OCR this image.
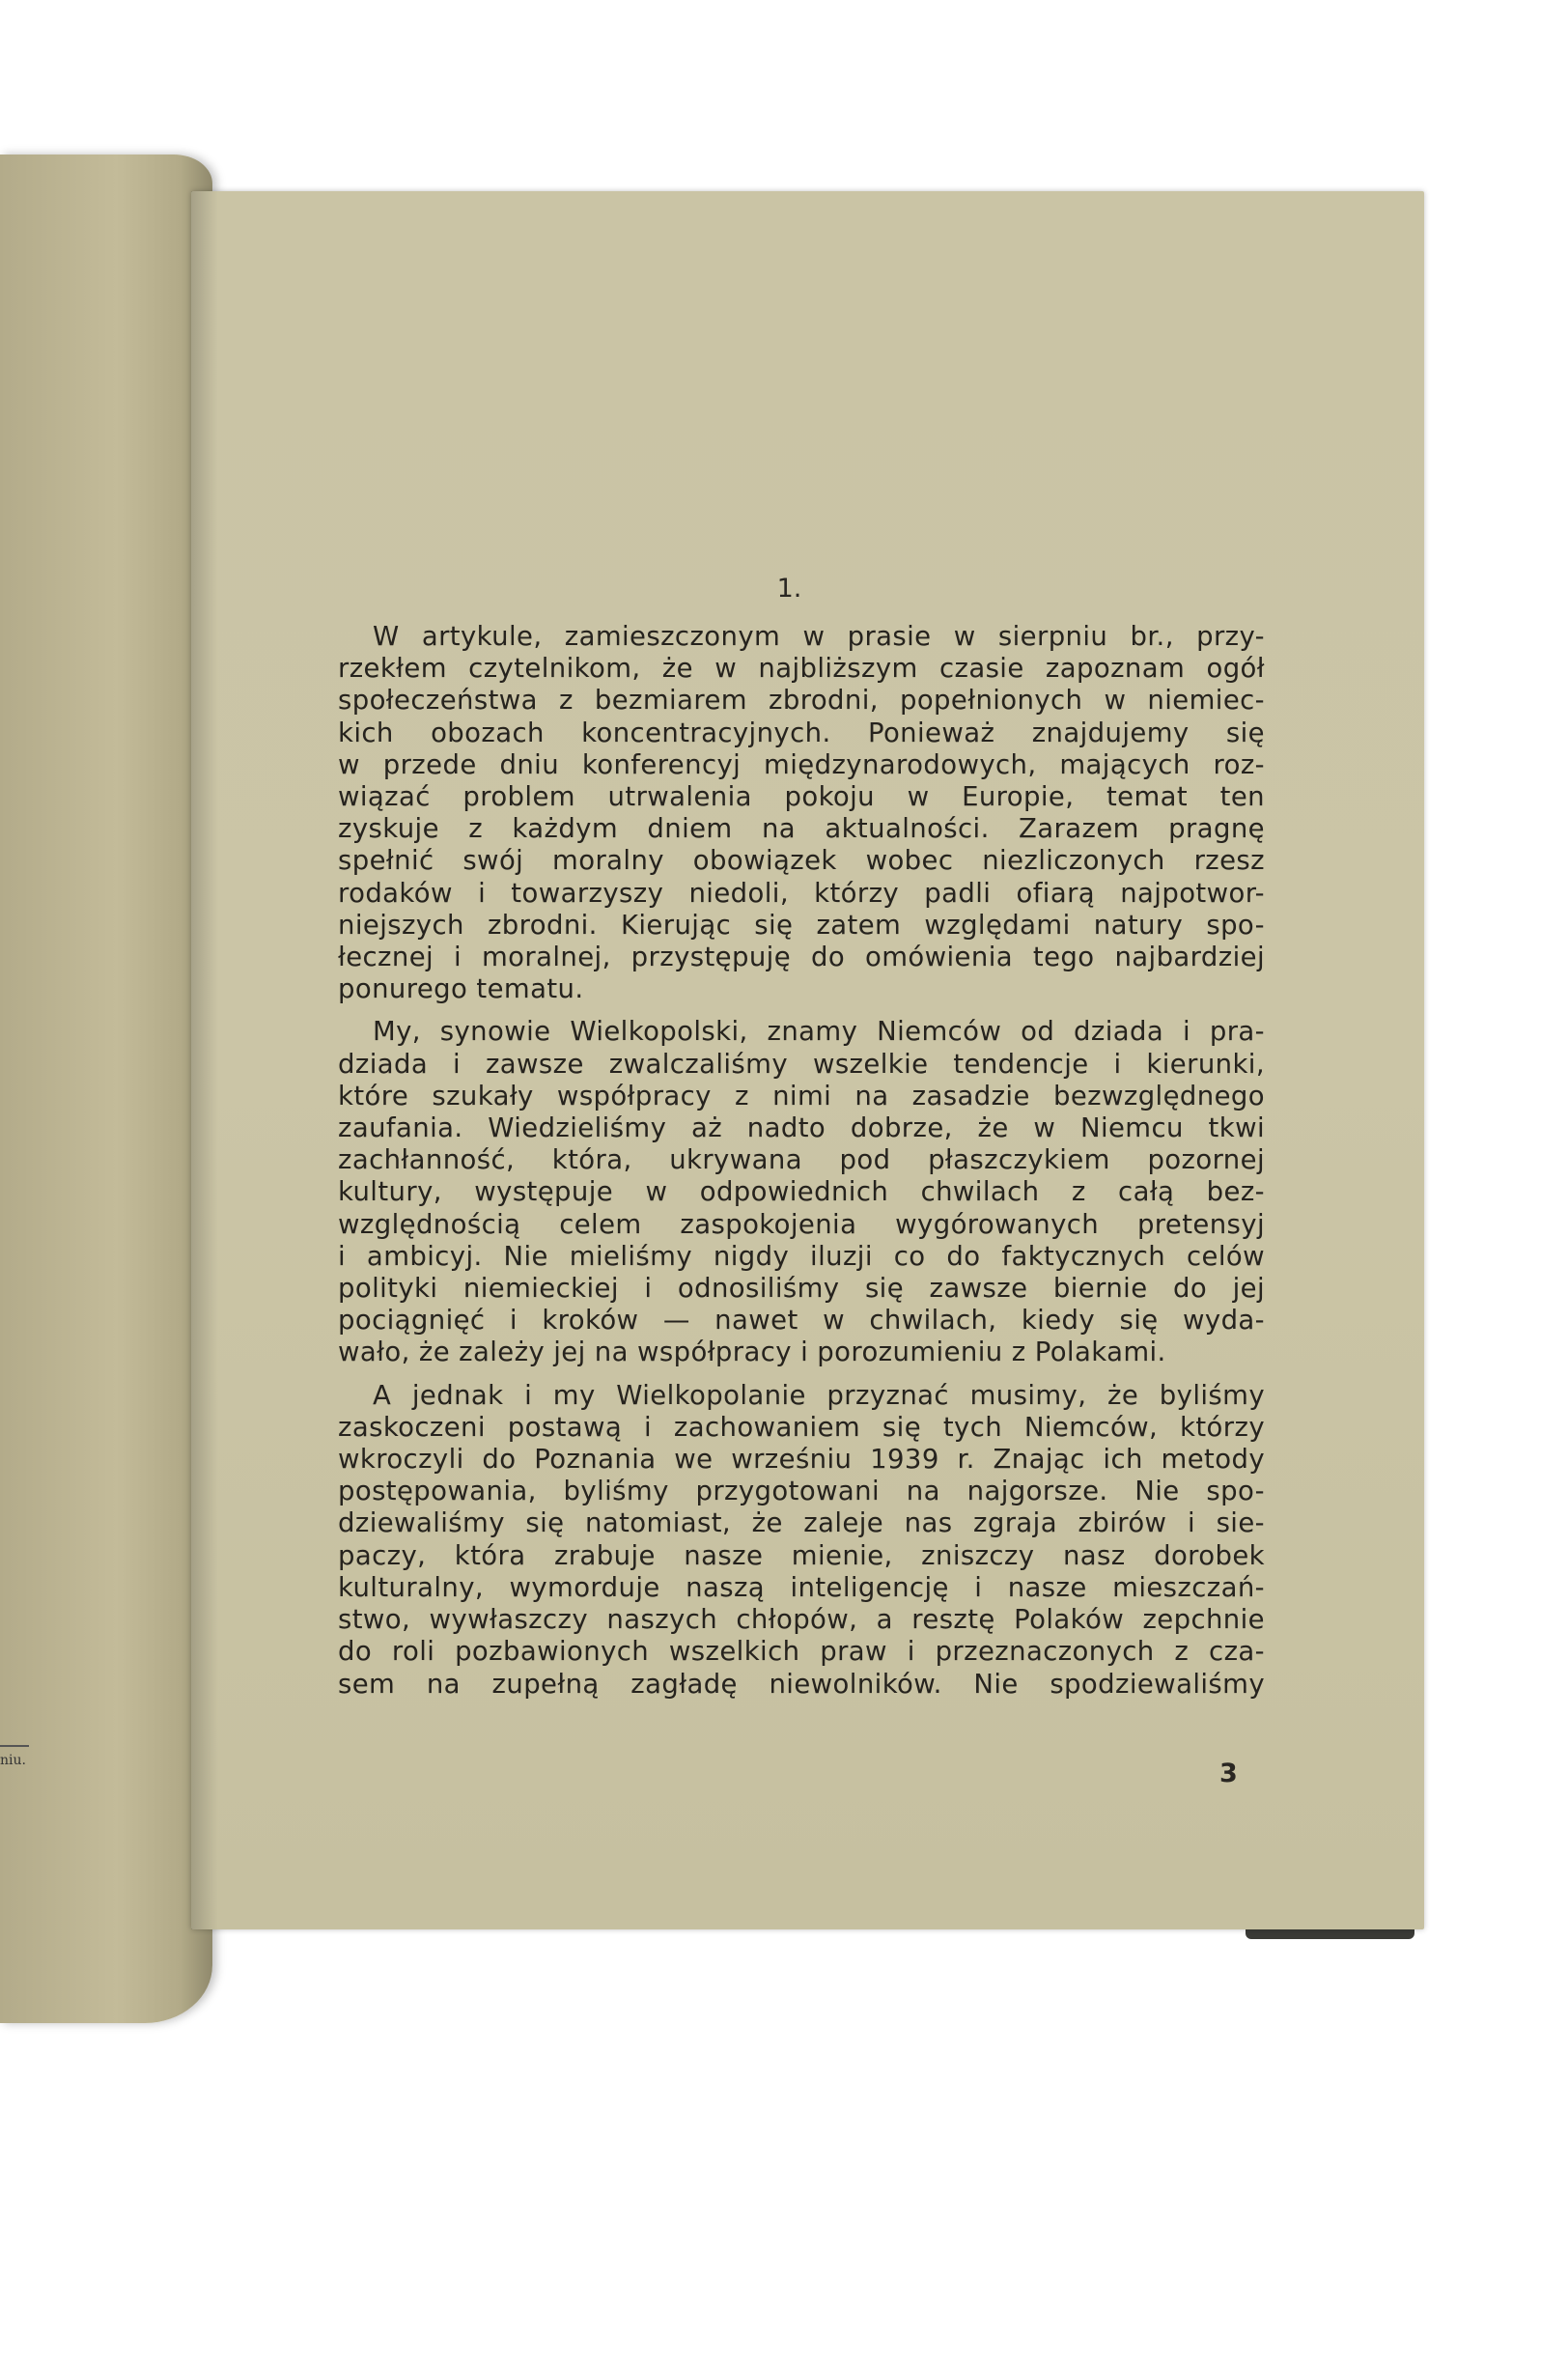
niu.
1.
W artykule, zamieszczonym w prasie w sierpniu br., przy-
rzekłem czytelnikom, że w najbliższym czasie zapoznam ogół
społeczeństwa z bezmiarem zbrodni, popełnionych w niemiec-
kich obozach koncentracyjnych. Ponieważ znajdujemy się
w przede dniu konferencyj międzynarodowych, mających roz-
wiązać problem utrwalenia pokoju w Europie, temat ten
zyskuje z każdym dniem na aktualności. Zarazem pragnę
spełnić swój moralny obowiązek wobec niezliczonych rzesz
rodaków i towarzyszy niedoli, którzy padli ofiarą najpotwor-
niejszych zbrodni. Kierując się zatem względami natury spo-
łecznej i moralnej, przystępuję do omówienia tego najbardziej
ponurego tematu.
My, synowie Wielkopolski, znamy Niemców od dziada i pra-
dziada i zawsze zwalczaliśmy wszelkie tendencje i kierunki,
które szukały współpracy z nimi na zasadzie bezwzględnego
zaufania. Wiedzieliśmy aż nadto dobrze, że w Niemcu tkwi
zachłanność, która, ukrywana pod płaszczykiem pozornej
kultury, występuje w odpowiednich chwilach z całą bez-
względnością celem zaspokojenia wygórowanych pretensyj
i ambicyj. Nie mieliśmy nigdy iluzji co do faktycznych celów
polityki niemieckiej i odnosiliśmy się zawsze biernie do jej
pociągnięć i kroków — nawet w chwilach, kiedy się wyda-
wało, że zależy jej na współpracy i porozumieniu z Polakami.
A jednak i my Wielkopolanie przyznać musimy, że byliśmy
zaskoczeni postawą i zachowaniem się tych Niemców, którzy
wkroczyli do Poznania we wrześniu 1939 r. Znając ich metody
postępowania, byliśmy przygotowani na najgorsze. Nie spo-
dziewaliśmy się natomiast, że zaleje nas zgraja zbirów i sie-
paczy, która zrabuje nasze mienie, zniszczy nasz dorobek
kulturalny, wymorduje naszą inteligencję i nasze mieszczań-
stwo, wywłaszczy naszych chłopów, a resztę Polaków zepchnie
do roli pozbawionych wszelkich praw i przeznaczonych z cza-
sem na zupełną zagładę niewolników. Nie spodziewaliśmy
3
